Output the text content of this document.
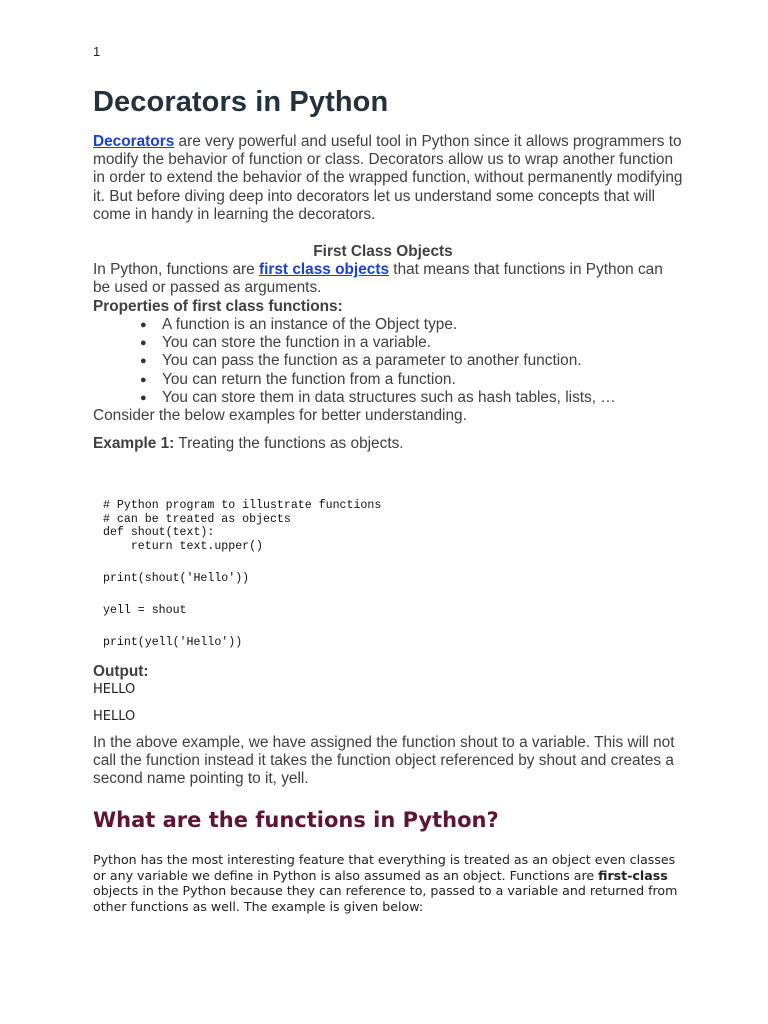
1
Decorators in Python
Decorators are very powerful and useful tool in Python since it allows programmers to modify the behavior of function or class. Decorators allow us to wrap another function in order to extend the behavior of the wrapped function, without permanently modifying it. But before diving deep into decorators let us understand some concepts that will come in handy in learning the decorators.
First Class Objects
In Python, functions are first class objects that means that functions in Python can be used or passed as arguments.
Properties of first class functions:
● A function is an instance of the Object type.
● You can store the function in a variable.
● You can pass the function as a parameter to another function.
● You can return the function from a function.
● You can store them in data structures such as hash tables, lists, …
Consider the below examples for better understanding.
Example 1: Treating the functions as objects.
# Python program to illustrate functions
# can be treated as objects
def shout(text):
return text.upper()
print(shout('Hello'))
yell = shout
print(yell('Hello'))
Output:
HELLO
HELLO
In the above example, we have assigned the function shout to a variable. This will not call the function instead it takes the function object referenced by shout and creates a second name pointing to it, yell.
What are the functions in Python?
Python has the most interesting feature that everything is treated as an object even classes or any variable we define in Python is also assumed as an object. Functions are first-class objects in the Python because they can reference to, passed to a variable and returned from other functions as well. The example is given below:
